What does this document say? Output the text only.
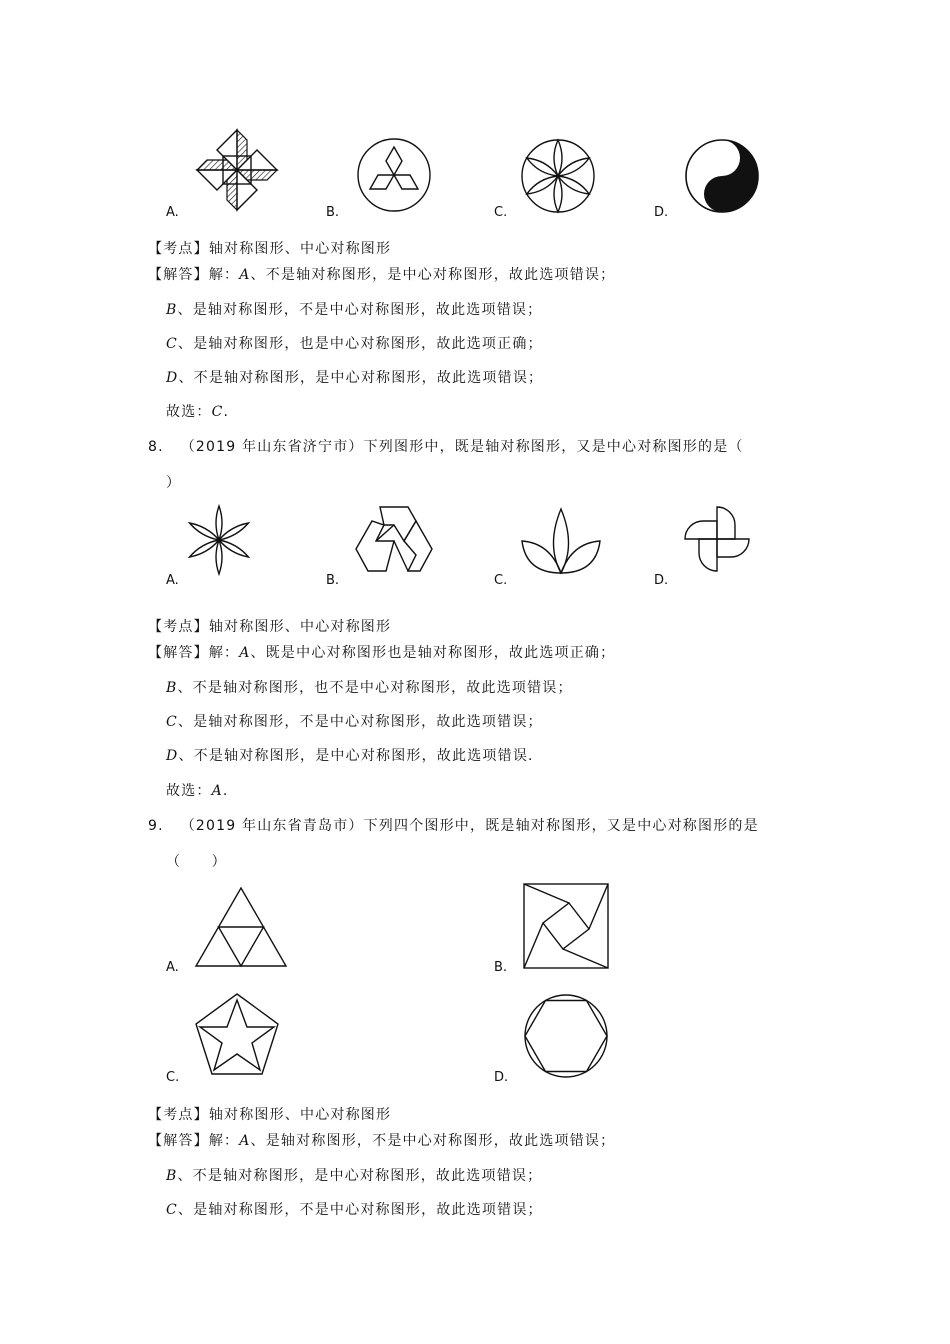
A.	B.	C.	D.
【考点】轴对称图形、中心对称图形
【解答】解：A、不是轴对称图形，是中心对称图形，故此选项错误；
B、是轴对称图形，不是中心对称图形，故此选项错误；
C、是轴对称图形，也是中心对称图形，故此选项正确；
D、不是轴对称图形，是中心对称图形，故此选项错误；
故选：C.
8. （2019 年山东省济宁市）下列图形中，既是轴对称图形，又是中心对称图形的是（
）
A.	B.	C.	D.
【考点】轴对称图形、中心对称图形
【解答】解：A、既是中心对称图形也是轴对称图形，故此选项正确；
B、不是轴对称图形，也不是中心对称图形，故此选项错误；
C、是轴对称图形，不是中心对称图形，故此选项错误；
D、不是轴对称图形，是中心对称图形，故此选项错误.
故选：A.
9. （2019 年山东省青岛市）下列四个图形中，既是轴对称图形，又是中心对称图形的是
（　　）
A.	B.
C.	D.
【考点】轴对称图形、中心对称图形
【解答】解：A、是轴对称图形，不是中心对称图形，故此选项错误；
B、不是轴对称图形，是中心对称图形，故此选项错误；
C、是轴对称图形，不是中心对称图形，故此选项错误；
